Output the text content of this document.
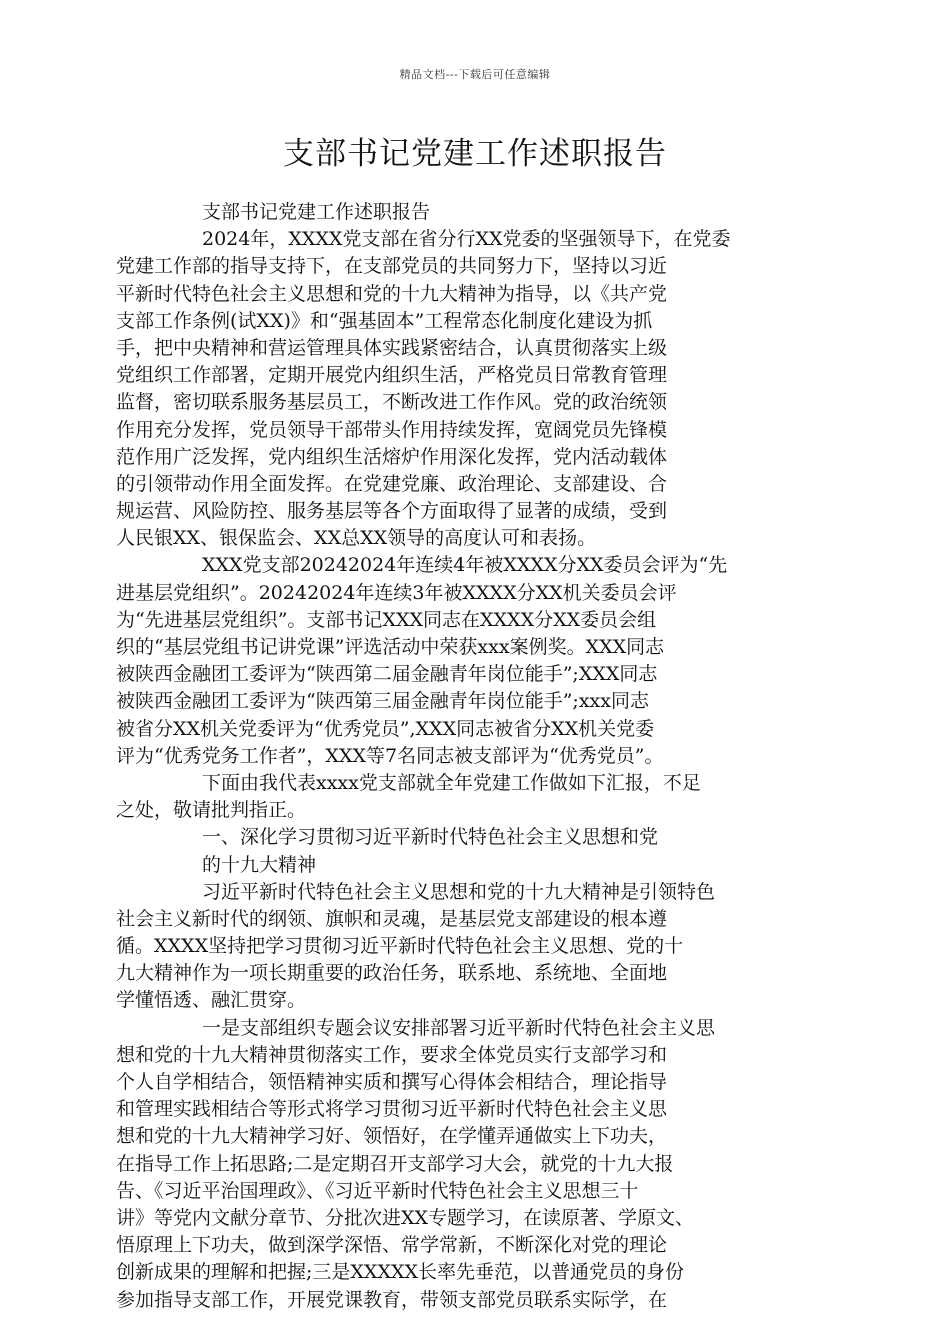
精品文档---下载后可任意编辑
支部书记党建工作述职报告
支部书记党建工作述职报告
2024年，XXXX党支部在省分行XX党委的坚强领导下，在党委
党建工作部的指导支持下，在支部党员的共同努力下，坚持以习近
平新时代特色社会主义思想和党的十九大精神为指导，以《共产党
支部工作条例(试XX)》和“强基固本”工程常态化制度化建设为抓
手，把中央精神和营运管理具体实践紧密结合，认真贯彻落实上级
党组织工作部署，定期开展党内组织生活，严格党员日常教育管理
监督，密切联系服务基层员工，不断改进工作作风。党的政治统领
作用充分发挥，党员领导干部带头作用持续发挥，宽阔党员先锋模
范作用广泛发挥，党内组织生活熔炉作用深化发挥，党内活动载体
的引领带动作用全面发挥。在党建党廉、政治理论、支部建设、合
规运营、风险防控、服务基层等各个方面取得了显著的成绩，受到
人民银XX、银保监会、XX总XX领导的高度认可和表扬。
XXX党支部20242024年连续4年被XXXX分XX委员会评为“先
进基层党组织”。20242024年连续3年被XXXX分XX机关委员会评
为“先进基层党组织”。支部书记XXX同志在XXXX分XX委员会组
织的“基层党组书记讲党课”评选活动中荣获xxx案例奖。XXX同志
被陕西金融团工委评为“陕西第二届金融青年岗位能手”;XXX同志
被陕西金融团工委评为“陕西第三届金融青年岗位能手”;xxx同志
被省分XX机关党委评为“优秀党员”,XXX同志被省分XX机关党委
评为“优秀党务工作者”，XXX等7名同志被支部评为“优秀党员”。
下面由我代表xxxx党支部就全年党建工作做如下汇报，不足
之处，敬请批判指正。
一、深化学习贯彻习近平新时代特色社会主义思想和党
的十九大精神
习近平新时代特色社会主义思想和党的十九大精神是引领特色
社会主义新时代的纲领、旗帜和灵魂，是基层党支部建设的根本遵
循。XXXX坚持把学习贯彻习近平新时代特色社会主义思想、党的十
九大精神作为一项长期重要的政治任务，联系地、系统地、全面地
学懂悟透、融汇贯穿。
一是支部组织专题会议安排部署习近平新时代特色社会主义思
想和党的十九大精神贯彻落实工作，要求全体党员实行支部学习和
个人自学相结合，领悟精神实质和撰写心得体会相结合，理论指导
和管理实践相结合等形式将学习贯彻习近平新时代特色社会主义思
想和党的十九大精神学习好、领悟好，在学懂弄通做实上下功夫，
在指导工作上拓思路;二是定期召开支部学习大会，就党的十九大报
告、《习近平治国理政》、《习近平新时代特色社会主义思想三十
讲》等党内文献分章节、分批次进XX专题学习，在读原著、学原文、
悟原理上下功夫，做到深学深悟、常学常新，不断深化对党的理论
创新成果的理解和把握;三是XXXXX长率先垂范，以普通党员的身份
参加指导支部工作，开展党课教育，带领支部党员联系实际学，在
